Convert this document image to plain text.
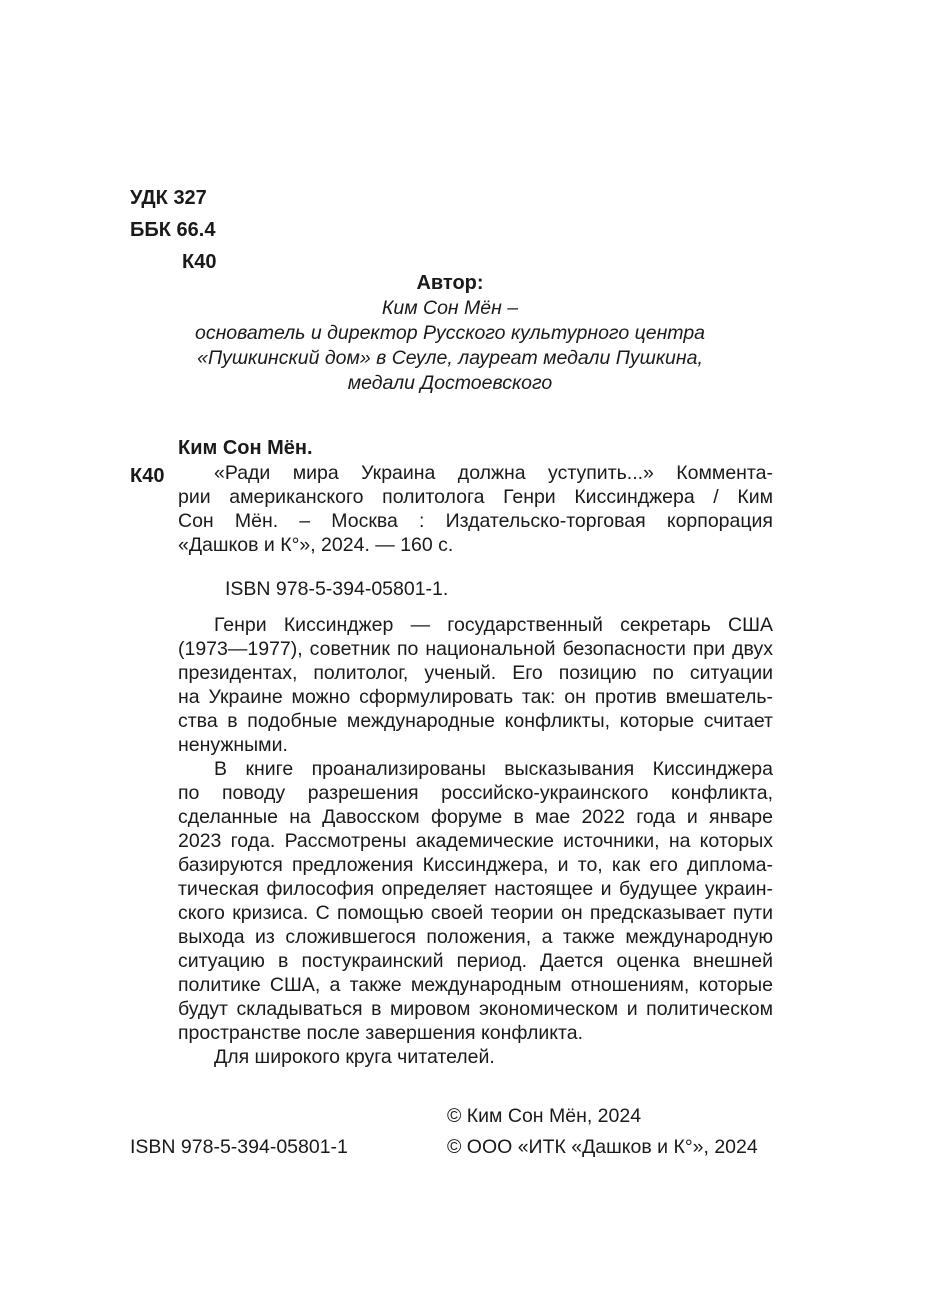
УДК 327
ББК 66.4
К40
Автор:
Ким Сон Мён –
основатель и директор Русского культурного центра
«Пушкинский дом» в Сеуле, лауреат медали Пушкина,
медали Достоевского
Ким Сон Мён.
К40	«Ради мира Украина должна уступить...» Коммента-
рии американского политолога Генри Киссинджера / Ким
Сон Мён. – Москва : Издательско-торговая корпорация
«Дашков и К°», 2024. — 160 с.
ISBN 978-5-394-05801-1.
Генри Киссинджер — государственный секретарь США
(1973—1977), советник по национальной безопасности при двух
президентах, политолог, ученый. Его позицию по ситуации
на Украине можно сформулировать так: он против вмешатель-
ства в подобные международные конфликты, которые считает
ненужными.
В книге проанализированы высказывания Киссинджера
по поводу разрешения российско-украинского конфликта,
сделанные на Давосском форуме в мае 2022 года и январе
2023 года. Рассмотрены академические источники, на которых
базируются предложения Киссинджера, и то, как его диплома-
тическая философия определяет настоящее и будущее украин-
ского кризиса. С помощью своей теории он предсказывает пути
выхода из сложившегося положения, а также международную
ситуацию в постукраинский период. Дается оценка внешней
политике США, а также международным отношениям, которые
будут складываться в мировом экономическом и политическом
пространстве после завершения конфликта.
Для широкого круга читателей.
© Ким Сон Мён, 2024
ISBN 978-5-394-05801-1	© ООО «ИТК «Дашков и К°», 2024
